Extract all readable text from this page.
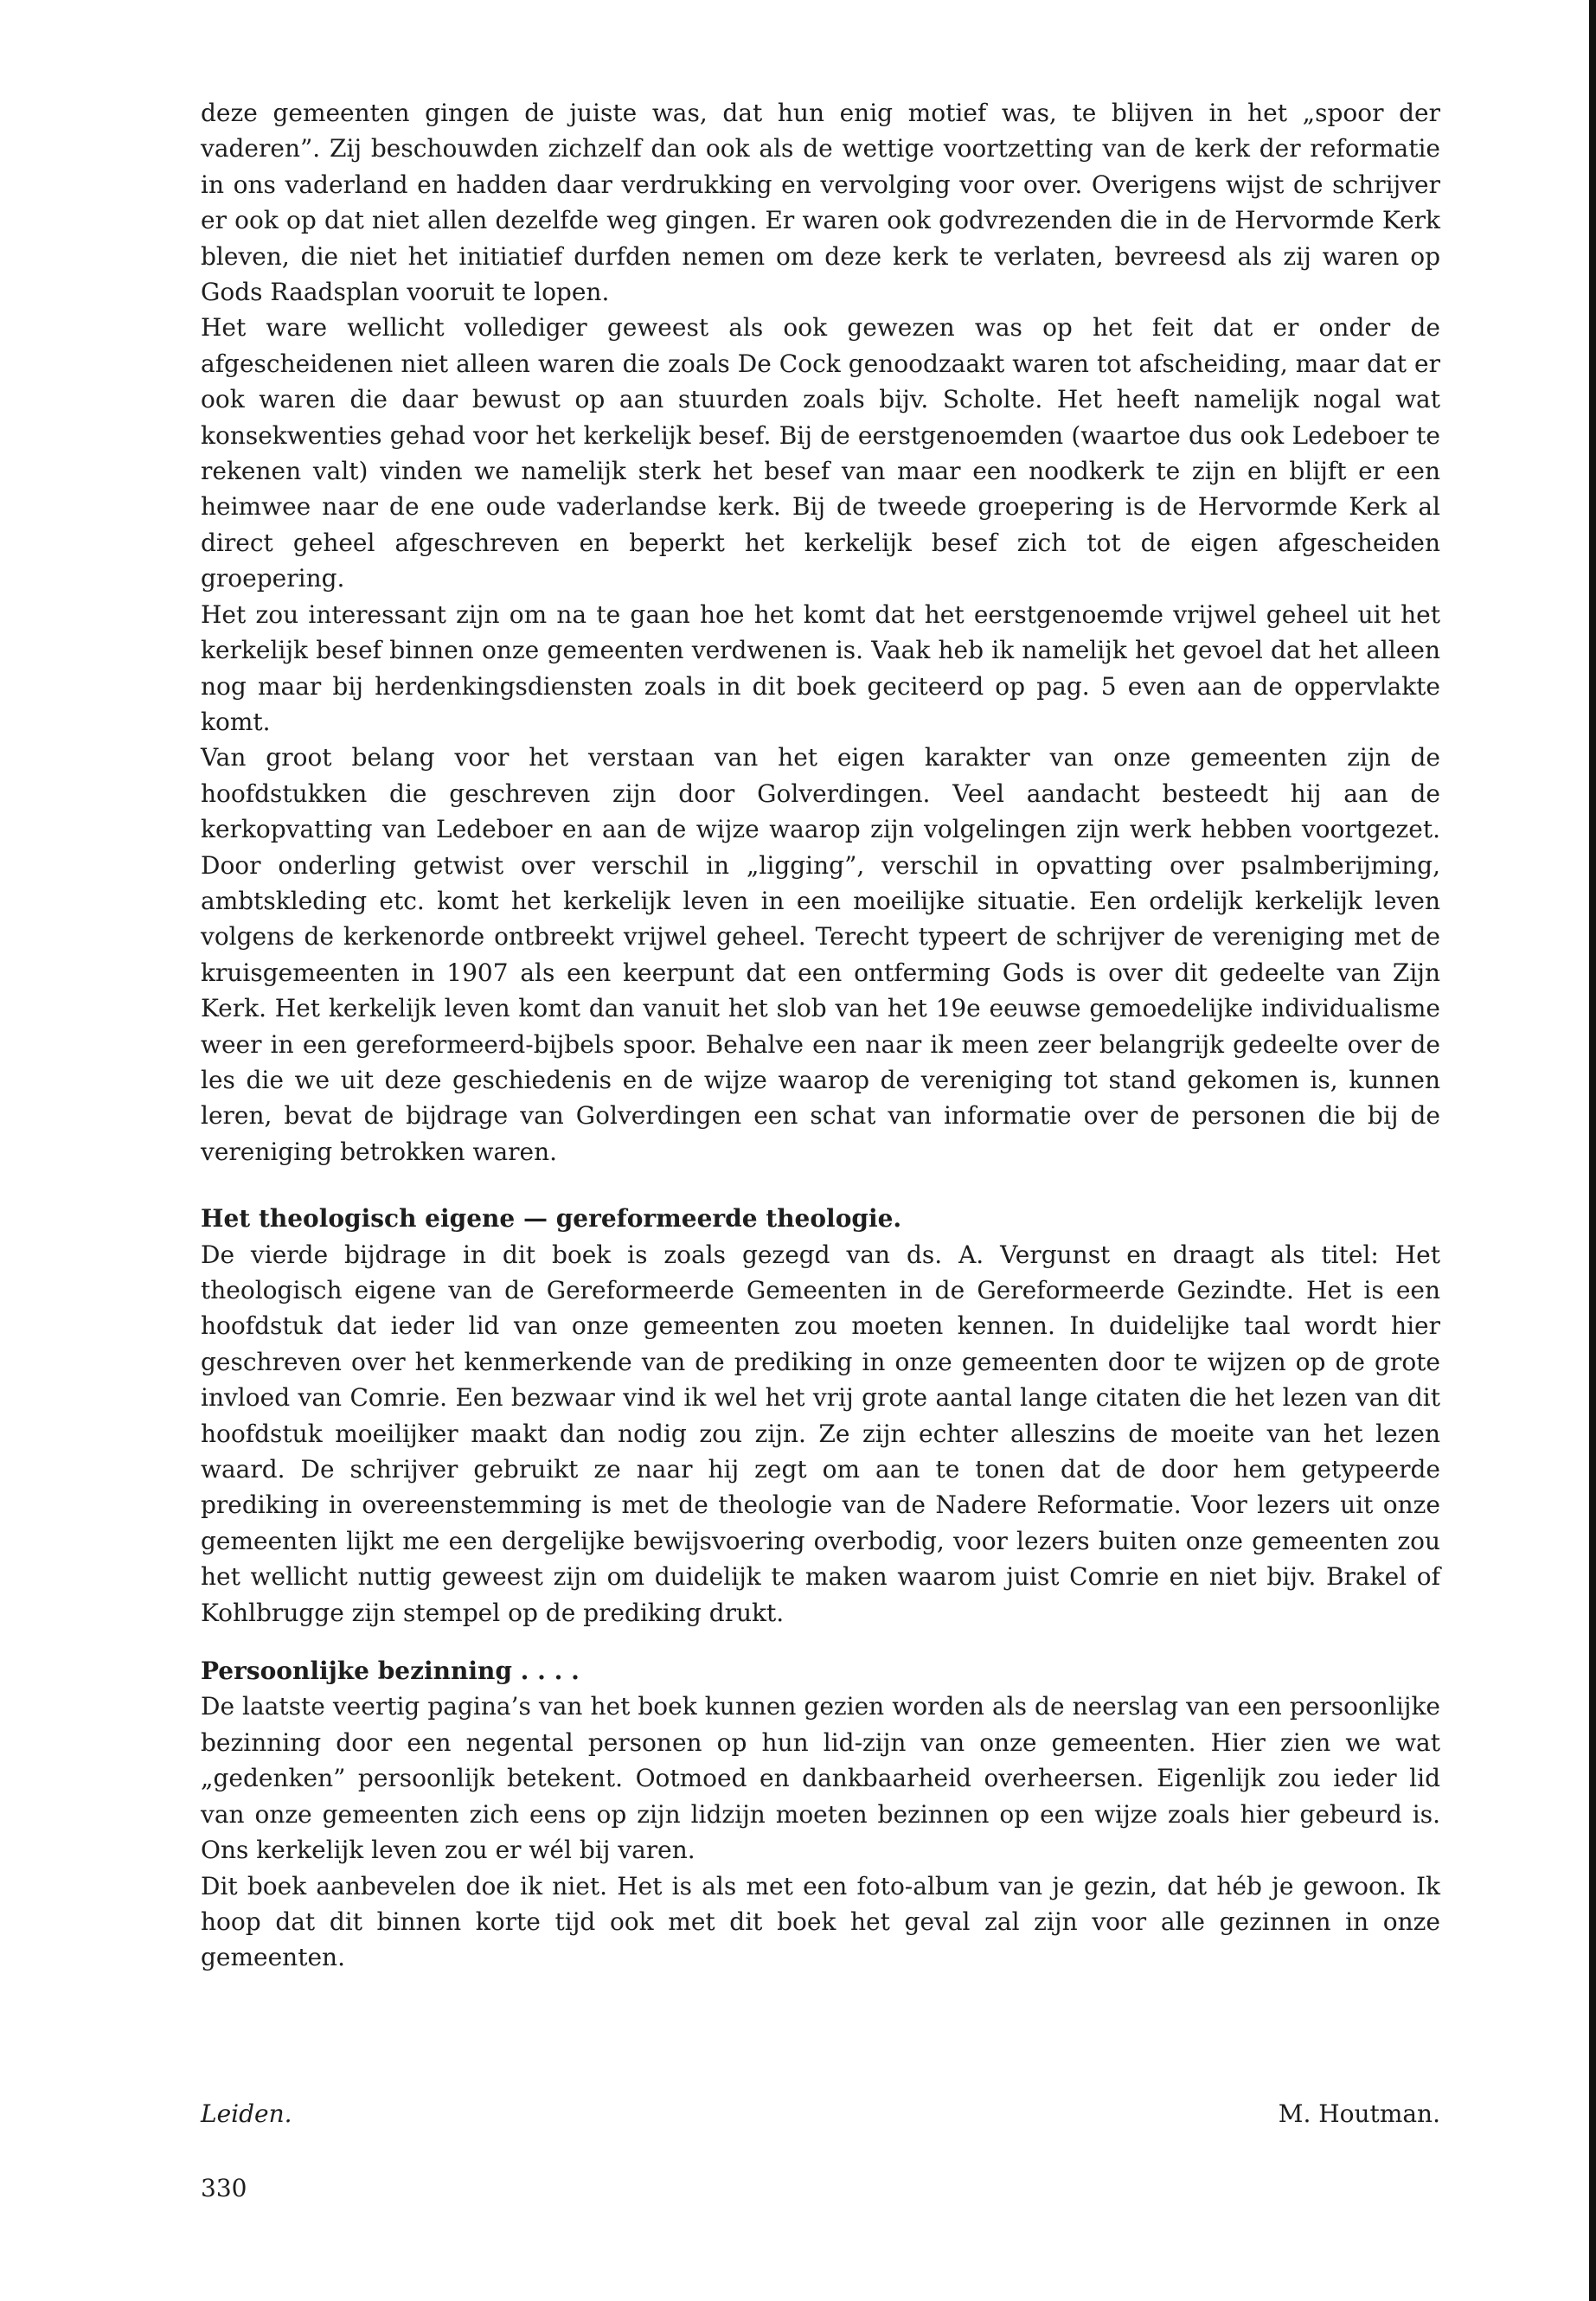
deze gemeenten gingen de juiste was, dat hun enig motief was, te blijven in het „spoor der vaderen”. Zij beschouwden zichzelf dan ook als de wettige voortzetting van de kerk der reformatie in ons vaderland en hadden daar verdrukking en vervolging voor over. Overigens wijst de schrijver er ook op dat niet allen dezelfde weg gingen. Er waren ook godvrezenden die in de Hervormde Kerk bleven, die niet het initiatief durfden nemen om deze kerk te verlaten, bevreesd als zij waren op Gods Raadsplan vooruit te lopen.

Het ware wellicht vollediger geweest als ook gewezen was op het feit dat er onder de afgescheidenen niet alleen waren die zoals De Cock genoodzaakt waren tot afscheiding, maar dat er ook waren die daar bewust op aan stuurden zoals bijv. Scholte. Het heeft namelijk nogal wat konsekwenties gehad voor het kerkelijk besef. Bij de eerstgenoemden (waartoe dus ook Ledeboer te rekenen valt) vinden we namelijk sterk het besef van maar een noodkerk te zijn en blijft er een heimwee naar de ene oude vaderlandse kerk. Bij de tweede groepering is de Hervormde Kerk al direct geheel afgeschreven en beperkt het kerkelijk besef zich tot de eigen afgescheiden groepering.

Het zou interessant zijn om na te gaan hoe het komt dat het eerstgenoemde vrijwel geheel uit het kerkelijk besef binnen onze gemeenten verdwenen is. Vaak heb ik namelijk het gevoel dat het alleen nog maar bij herdenkingsdiensten zoals in dit boek geciteerd op pag. 5 even aan de oppervlakte komt.

Van groot belang voor het verstaan van het eigen karakter van onze gemeenten zijn de hoofdstukken die geschreven zijn door Golverdingen. Veel aandacht besteedt hij aan de kerkopvatting van Ledeboer en aan de wijze waarop zijn volgelingen zijn werk hebben voortgezet. Door onderling getwist over verschil in „ligging”, verschil in opvatting over psalmberijming, ambtskleding etc. komt het kerkelijk leven in een moeilijke situatie. Een ordelijk kerkelijk leven volgens de kerkenorde ontbreekt vrijwel geheel. Terecht typeert de schrijver de vereniging met de kruisgemeenten in 1907 als een keerpunt dat een ontferming Gods is over dit gedeelte van Zijn Kerk. Het kerkelijk leven komt dan vanuit het slob van het 19e eeuwse gemoedelijke individualisme weer in een gereformeerd-bijbels spoor. Behalve een naar ik meen zeer belangrijk gedeelte over de les die we uit deze geschiedenis en de wijze waarop de vereniging tot stand gekomen is, kunnen leren, bevat de bijdrage van Golverdingen een schat van informatie over de personen die bij de vereniging betrokken waren.

Het theologisch eigene — gereformeerde theologie.

De vierde bijdrage in dit boek is zoals gezegd van ds. A. Vergunst en draagt als titel: Het theologisch eigene van de Gereformeerde Gemeenten in de Gereformeerde Gezindte. Het is een hoofdstuk dat ieder lid van onze gemeenten zou moeten kennen. In duidelijke taal wordt hier geschreven over het kenmerkende van de prediking in onze gemeenten door te wijzen op de grote invloed van Comrie. Een bezwaar vind ik wel het vrij grote aantal lange citaten die het lezen van dit hoofdstuk moeilijker maakt dan nodig zou zijn. Ze zijn echter alleszins de moeite van het lezen waard. De schrijver gebruikt ze naar hij zegt om aan te tonen dat de door hem getypeerde prediking in overeenstemming is met de theologie van de Nadere Reformatie. Voor lezers uit onze gemeenten lijkt me een dergelijke bewijsvoering overbodig, voor lezers buiten onze gemeenten zou het wellicht nuttig geweest zijn om duidelijk te maken waarom juist Comrie en niet bijv. Brakel of Kohlbrugge zijn stempel op de prediking drukt.

Persoonlijke bezinning . . . .

De laatste veertig pagina’s van het boek kunnen gezien worden als de neerslag van een persoonlijke bezinning door een negental personen op hun lid-zijn van onze gemeenten. Hier zien we wat „gedenken” persoonlijk betekent. Ootmoed en dankbaarheid overheersen. Eigenlijk zou ieder lid van onze gemeenten zich eens op zijn lidzijn moeten bezinnen op een wijze zoals hier gebeurd is. Ons kerkelijk leven zou er wél bij varen.

Dit boek aanbevelen doe ik niet. Het is als met een foto-album van je gezin, dat héb je gewoon. Ik hoop dat dit binnen korte tijd ook met dit boek het geval zal zijn voor alle gezinnen in onze gemeenten.

Leiden.	M. Houtman.
330
